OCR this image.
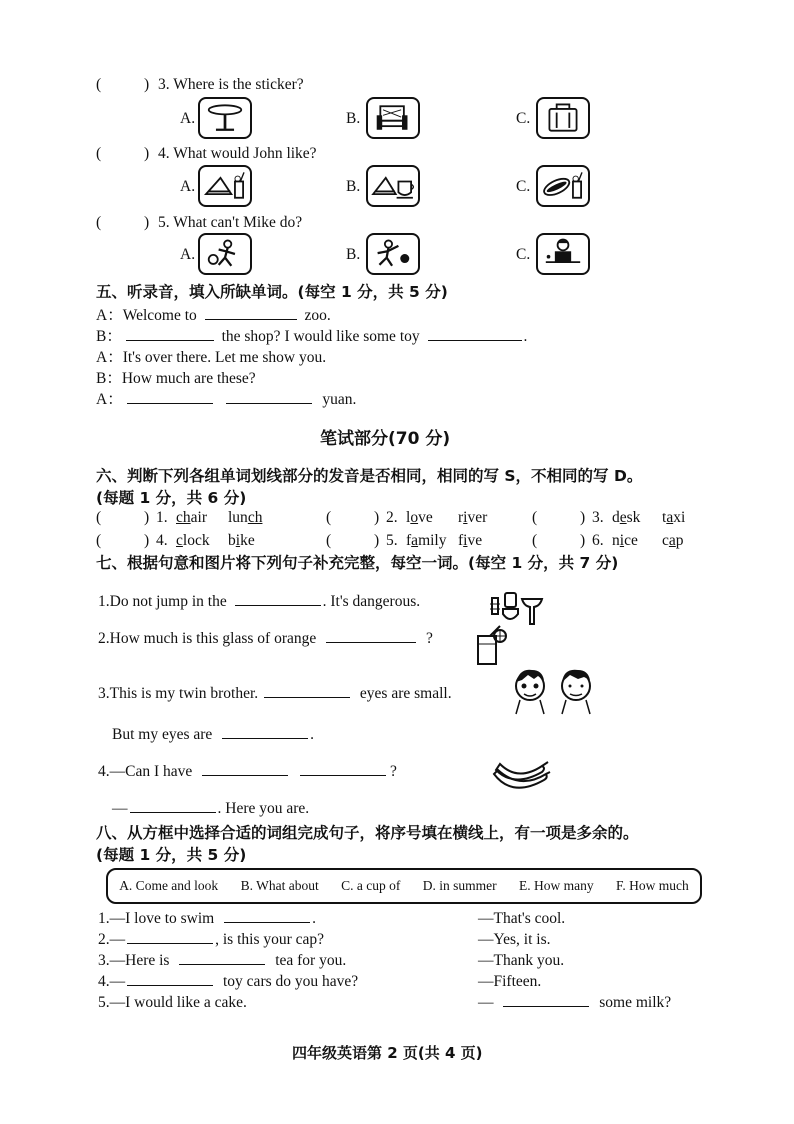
(	) 3. Where is the sticker?
A.	B.	C.
(	) 4. What would John like?
A.	B.	C.
(	) 5. What can't Mike do?
A.	B.	C.
五、听录音，填入所缺单词。(每空 1 分，共 5 分)
A：Welcome to	zoo.
B：	the shop? I would like some toy	.
A：It's over there. Let me show you.
B：How much are these?
A：	yuan.
笔试部分(70 分)
六、判断下列各组单词划线部分的发音是否相同，相同的写 S，不相同的写 D。
(每题 1 分，共 6 分)
(	) 1. chair lunch	(	) 2. love river	(	) 3. desk taxi
(	) 4. clock bike	(	) 5. family five	(	) 6. nice cap
七、根据句意和图片将下列句子补充完整，每空一词。(每空 1 分，共 7 分)
1.Do not jump in the	. It's dangerous.
2.How much is this glass of orange	?
3.This is my twin brother.	eyes are small.
But my eyes are	.
4.—Can I have	?
—	. Here you are.
八、从方框中选择合适的词组完成句子，将序号填在横线上，有一项是多余的。
(每题 1 分，共 5 分)
A. Come and look B. What about C. a cup of D. in summer E. How many F. How much
1.—I love to swim	.	—That's cool.
2.—	, is this your cap?	—Yes, it is.
3.—Here is	tea for you.	—Thank you.
4.—	toy cars do you have?	—Fifteen.
5.—I would like a cake.	—	some milk?
四年级英语第 2 页(共 4 页)
